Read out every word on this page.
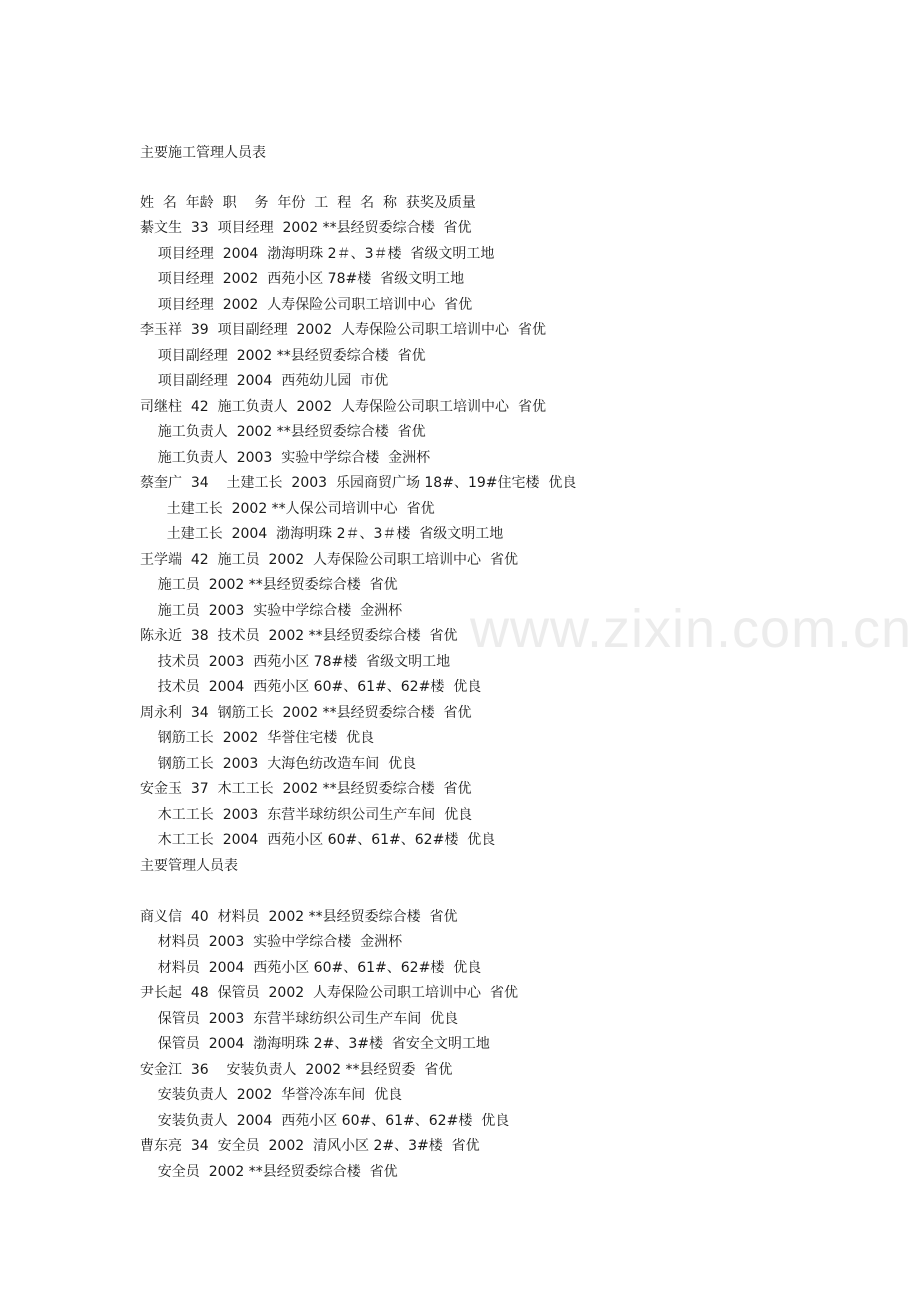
主要施工管理人员表
姓  名  年龄  职    务  年份  工  程  名  称  获奖及质量
綦文生  33  项目经理  2002 **县经贸委综合楼  省优
项目经理  2004  渤海明珠 2＃、3＃楼  省级文明工地
项目经理  2002  西苑小区 78#楼  省级文明工地
项目经理  2002  人寿保险公司职工培训中心  省优
李玉祥  39  项目副经理  2002  人寿保险公司职工培训中心  省优
项目副经理  2002 **县经贸委综合楼  省优
项目副经理  2004  西苑幼儿园  市优
司继柱  42  施工负责人  2002  人寿保险公司职工培训中心  省优
施工负责人  2002 **县经贸委综合楼  省优
施工负责人  2003  实验中学综合楼  金洲杯
蔡奎广  34    土建工长  2003  乐园商贸广场 18#、19#住宅楼  优良
土建工长  2002 **人保公司培训中心  省优
土建工长  2004  渤海明珠 2＃、3＃楼  省级文明工地
王学端  42  施工员  2002  人寿保险公司职工培训中心  省优
施工员  2002 **县经贸委综合楼  省优
施工员  2003  实验中学综合楼  金洲杯
陈永近  38  技术员  2002 **县经贸委综合楼  省优
技术员  2003  西苑小区 78#楼  省级文明工地
技术员  2004  西苑小区 60#、61#、62#楼  优良
周永利  34  钢筋工长  2002 **县经贸委综合楼  省优
钢筋工长  2002  华誉住宅楼  优良
钢筋工长  2003  大海色纺改造车间  优良
安金玉  37  木工工长  2002 **县经贸委综合楼  省优
木工工长  2003  东营半球纺织公司生产车间  优良
木工工长  2004  西苑小区 60#、61#、62#楼  优良
主要管理人员表
商义信  40  材料员  2002 **县经贸委综合楼  省优
材料员  2003  实验中学综合楼  金洲杯
材料员  2004  西苑小区 60#、61#、62#楼  优良
尹长起  48  保管员  2002  人寿保险公司职工培训中心  省优
保管员  2003  东营半球纺织公司生产车间  优良
保管员  2004  渤海明珠 2#、3#楼  省安全文明工地
安金江  36    安装负责人  2002 **县经贸委  省优
安装负责人  2002  华誉冷冻车间  优良
安装负责人  2004  西苑小区 60#、61#、62#楼  优良
曹东亮  34  安全员  2002  清风小区 2#、3#楼  省优
安全员  2002 **县经贸委综合楼  省优
www.zixin.com.cn
